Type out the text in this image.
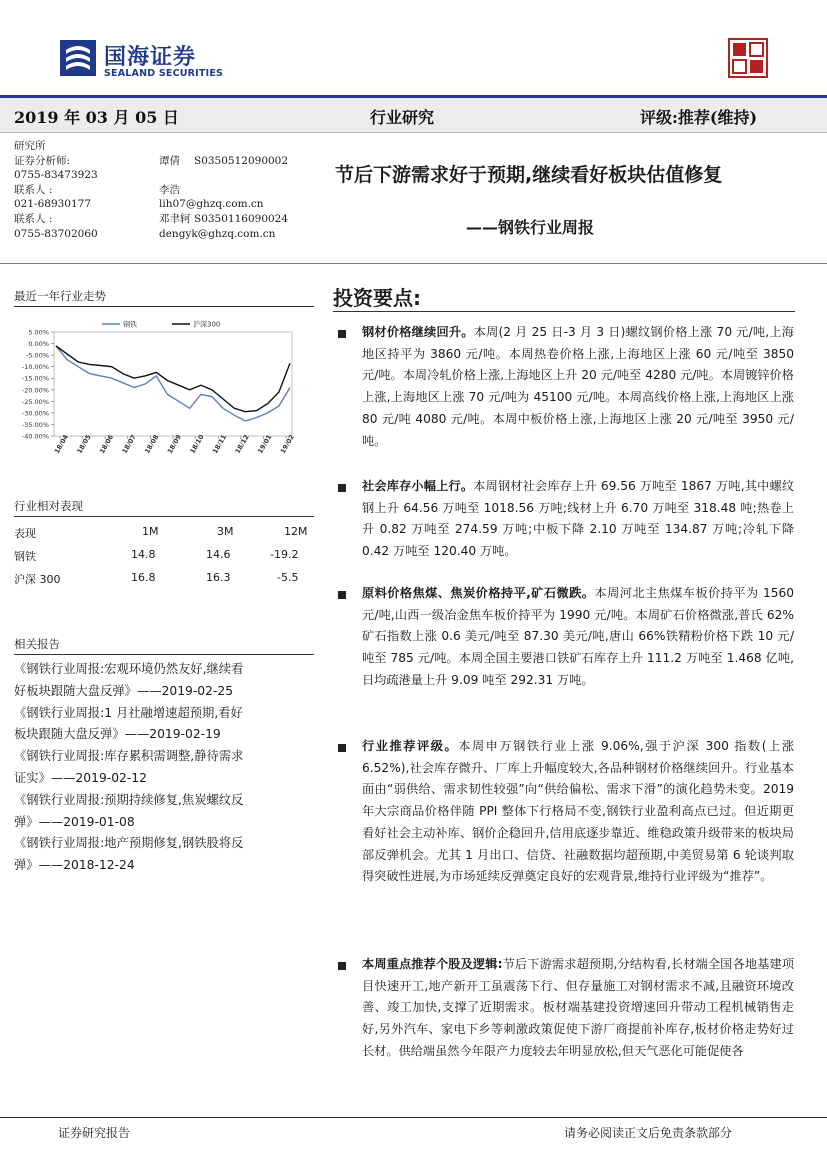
国海证券
SEALAND SECURITIES
2019 年 03 月 05 日	行业研究	评级:推荐(维持)
研究所
证券分析师:	谭倩 S0350512090002
0755-83473923
联系人 :	李浩
021-68930177	lih07@ghzq.com.cn
联系人 :	邓聿轲 S0350116090024
0755-83702060	dengyk@ghzq.com.cn
节后下游需求好于预期,继续看好板块估值修复
——钢铁行业周报
最近一年行业走势
5.00%
0.00%
-5.00%
-10.00%
-15.00%
-20.00%
-25.00%
-30.00%
-35.00%
-40.00% 18/04 18/05 18/06 18/07 18/08 18/09 18/10 18/11 18/12 19/01 19/02
钢铁	沪深300
行业相对表现
表现	1M	3M	12M
钢铁	14.8	14.6	-19.2
沪深 300	16.8	16.3	-5.5
相关报告
《钢铁行业周报:宏观环境仍然友好,继续看
好板块跟随大盘反弹》——2019-02-25
《钢铁行业周报:1 月社融增速超预期,看好
板块跟随大盘反弹》——2019-02-19
《钢铁行业周报:库存累积需调整,静待需求
证实》——2019-02-12
《钢铁行业周报:预期持续修复,焦炭螺纹反
弹》——2019-01-08
《钢铁行业周报:地产预期修复,钢铁股将反
弹》——2018-12-24
投资要点:
钢材价格继续回升。本周(2 月 25 日-3 月 3 日)螺纹钢价格上涨 70 元/吨,上海地区持平为 3860 元/吨。本周热卷价格上涨,上海地区上涨 60 元/吨至 3850 元/吨。本周冷轧价格上涨,上海地区上升 20 元/吨至 4280 元/吨。本周镀锌价格上涨,上海地区上涨 70 元/吨为 45100 元/吨。本周高线价格上涨,上海地区上涨 80 元/吨 4080 元/吨。本周中板价格上涨,上海地区上涨 20 元/吨至 3950 元/吨。
社会库存小幅上行。本周钢材社会库存上升 69.56 万吨至 1867 万吨,其中螺纹钢上升 64.56 万吨至 1018.56 万吨;线材上升 6.70 万吨至 318.48 吨;热卷上升 0.82 万吨至 274.59 万吨;中板下降 2.10 万吨至 134.87 万吨;冷轧下降 0.42 万吨至 120.40 万吨。
原料价格焦煤、焦炭价格持平,矿石微跌。本周河北主焦煤车板价持平为 1560 元/吨,山西一级冶金焦车板价持平为 1990 元/吨。本周矿石价格微涨,普氏 62%矿石指数上涨 0.6 美元/吨至 87.30 美元/吨,唐山 66%铁精粉价格下跌 10 元/吨至 785 元/吨。本周全国主要港口铁矿石库存上升 111.2 万吨至 1.468 亿吨,日均疏港量上升 9.09 吨至 292.31 万吨。
行业推荐评级。本周申万钢铁行业上涨 9.06%,强于沪深 300 指数(上涨 6.52%),社会库存微升、厂库上升幅度较大,各品种钢材价格继续回升。行业基本面由“弱供给、需求韧性较强”向“供给偏松、需求下滑”的演化趋势未变。2019 年大宗商品价格伴随 PPI 整体下行格局不变,钢铁行业盈利高点已过。但近期更看好社会主动补库、钢价企稳回升,信用底逐步靠近、维稳政策升级带来的板块局部反弹机会。尤其 1 月出口、信贷、社融数据均超预期,中美贸易第 6 轮谈判取得突破性进展,为市场延续反弹奠定良好的宏观背景,维持行业评级为“推荐”。
本周重点推荐个股及逻辑:节后下游需求超预期,分结构看,长材端全国各地基建项目快速开工,地产新开工虽震荡下行、但存量施工对钢材需求不减,且融资环境改善、竣工加快,支撑了近期需求。板材端基建投资增速回升带动工程机械销售走好,另外汽车、家电下乡等刺激政策促使下游厂商提前补库存,板材价格走势好过长材。供给端虽然今年限产力度较去年明显放松,但天气恶化可能促使各
证券研究报告	请务必阅读正文后免责条款部分
